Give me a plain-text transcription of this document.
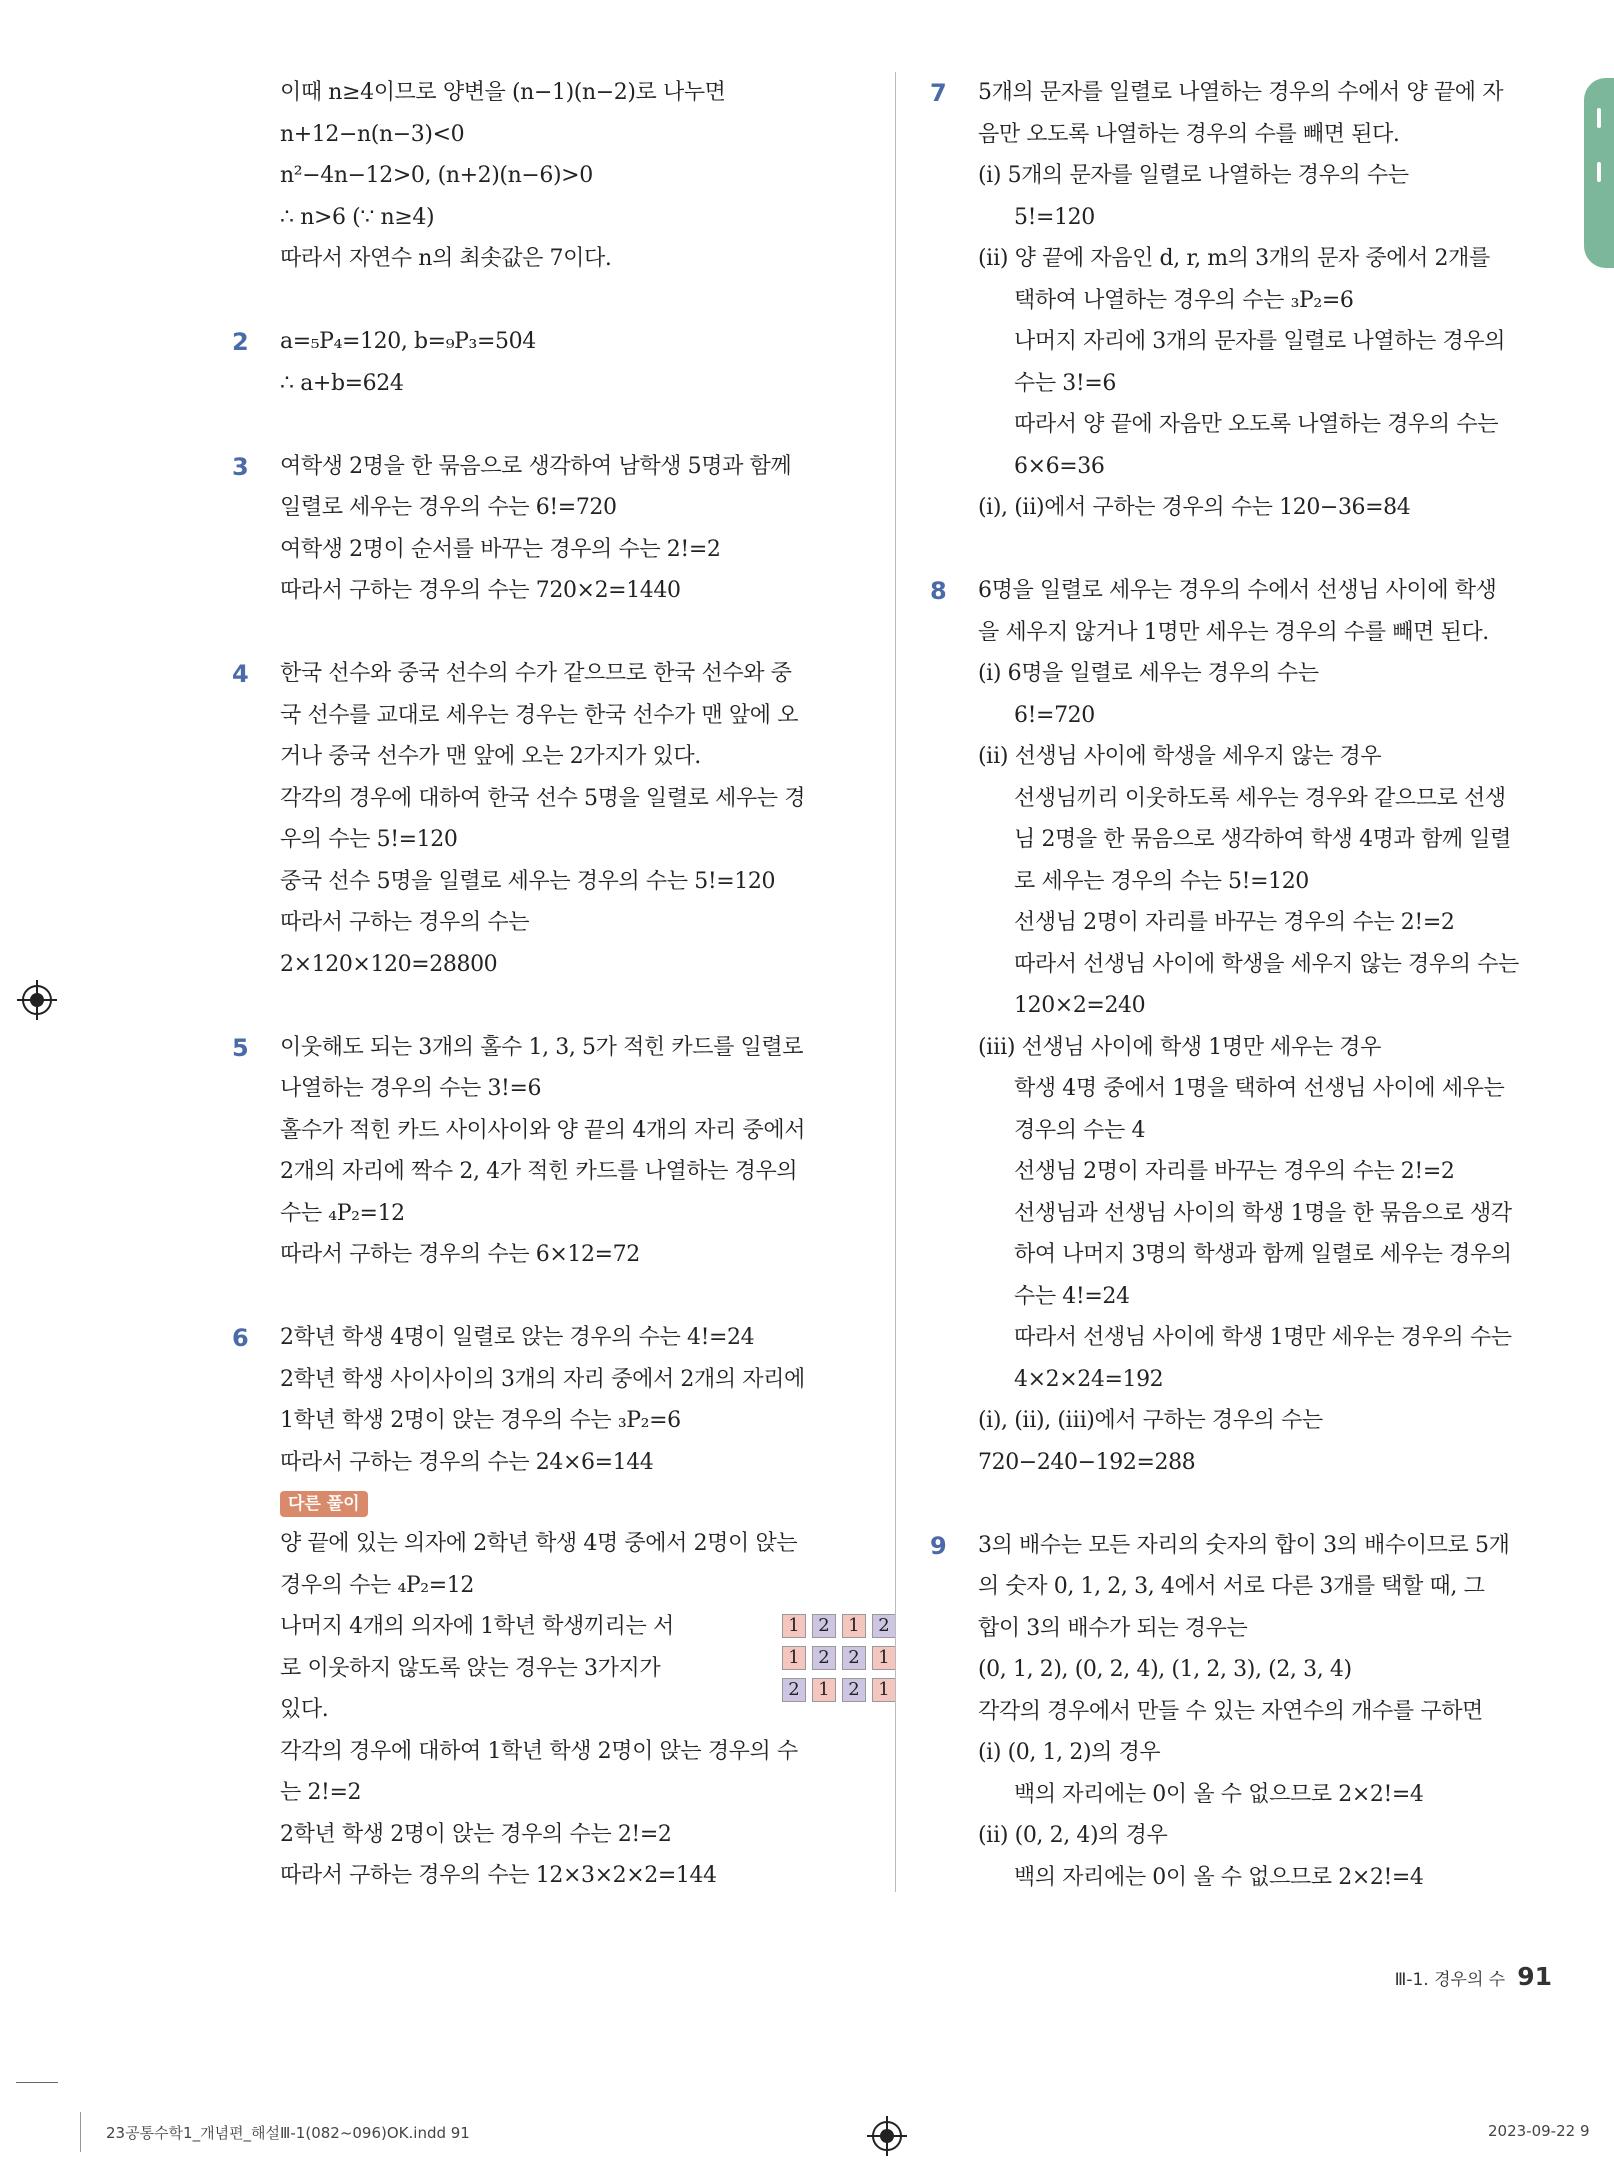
이때 n≥4이므로 양변을 (n−1)(n−2)로 나누면
n+12−n(n−3)<0
n²−4n−12>0, (n+2)(n−6)>0
∴ n>6 (∵ n≥4)
따라서 자연수 n의 최솟값은 7이다.
2 a=₅P₄=120, b=₉P₃=504
∴ a+b=624
3 여학생 2명을 한 묶음으로 생각하여 남학생 5명과 함께
일렬로 세우는 경우의 수는 6!=720
여학생 2명이 순서를 바꾸는 경우의 수는 2!=2
따라서 구하는 경우의 수는 720×2=1440
4 한국 선수와 중국 선수의 수가 같으므로 한국 선수와 중
국 선수를 교대로 세우는 경우는 한국 선수가 맨 앞에 오
거나 중국 선수가 맨 앞에 오는 2가지가 있다.
각각의 경우에 대하여 한국 선수 5명을 일렬로 세우는 경
우의 수는 5!=120
중국 선수 5명을 일렬로 세우는 경우의 수는 5!=120
따라서 구하는 경우의 수는
2×120×120=28800
5 이웃해도 되는 3개의 홀수 1, 3, 5가 적힌 카드를 일렬로
나열하는 경우의 수는 3!=6
홀수가 적힌 카드 사이사이와 양 끝의 4개의 자리 중에서
2개의 자리에 짝수 2, 4가 적힌 카드를 나열하는 경우의
수는 ₄P₂=12
따라서 구하는 경우의 수는 6×12=72
6 2학년 학생 4명이 일렬로 앉는 경우의 수는 4!=24
2학년 학생 사이사이의 3개의 자리 중에서 2개의 자리에
1학년 학생 2명이 앉는 경우의 수는 ₃P₂=6
따라서 구하는 경우의 수는 24×6=144
다른 풀이
양 끝에 있는 의자에 2학년 학생 4명 중에서 2명이 앉는
경우의 수는 ₄P₂=12
나머지 4개의 의자에 1학년 학생끼리는 서
로 이웃하지 않도록 앉는 경우는 3가지가
있다.
1	2	1	2
1	2	2	1
2	1	2	1
각각의 경우에 대하여 1학년 학생 2명이 앉는 경우의 수
는 2!=2
2학년 학생 2명이 앉는 경우의 수는 2!=2
따라서 구하는 경우의 수는 12×3×2×2=144
7 5개의 문자를 일렬로 나열하는 경우의 수에서 양 끝에 자
음만 오도록 나열하는 경우의 수를 빼면 된다.
(ⅰ) 5개의 문자를 일렬로 나열하는 경우의 수는
5!=120
(ⅱ) 양 끝에 자음인 d, r, m의 3개의 문자 중에서 2개를
택하여 나열하는 경우의 수는 ₃P₂=6
나머지 자리에 3개의 문자를 일렬로 나열하는 경우의
수는 3!=6
따라서 양 끝에 자음만 오도록 나열하는 경우의 수는
6×6=36
(ⅰ), (ⅱ)에서 구하는 경우의 수는 120−36=84
8 6명을 일렬로 세우는 경우의 수에서 선생님 사이에 학생
을 세우지 않거나 1명만 세우는 경우의 수를 빼면 된다.
(ⅰ) 6명을 일렬로 세우는 경우의 수는
6!=720
(ⅱ) 선생님 사이에 학생을 세우지 않는 경우
선생님끼리 이웃하도록 세우는 경우와 같으므로 선생
님 2명을 한 묶음으로 생각하여 학생 4명과 함께 일렬
로 세우는 경우의 수는 5!=120
선생님 2명이 자리를 바꾸는 경우의 수는 2!=2
따라서 선생님 사이에 학생을 세우지 않는 경우의 수는
120×2=240
(ⅲ) 선생님 사이에 학생 1명만 세우는 경우
학생 4명 중에서 1명을 택하여 선생님 사이에 세우는
경우의 수는 4
선생님 2명이 자리를 바꾸는 경우의 수는 2!=2
선생님과 선생님 사이의 학생 1명을 한 묶음으로 생각
하여 나머지 3명의 학생과 함께 일렬로 세우는 경우의
수는 4!=24
따라서 선생님 사이에 학생 1명만 세우는 경우의 수는
4×2×24=192
(ⅰ), (ⅱ), (ⅲ)에서 구하는 경우의 수는
720−240−192=288
9 3의 배수는 모든 자리의 숫자의 합이 3의 배수이므로 5개
의 숫자 0, 1, 2, 3, 4에서 서로 다른 3개를 택할 때, 그
합이 3의 배수가 되는 경우는
(0, 1, 2), (0, 2, 4), (1, 2, 3), (2, 3, 4)
각각의 경우에서 만들 수 있는 자연수의 개수를 구하면
(ⅰ) (0, 1, 2)의 경우
백의 자리에는 0이 올 수 없으므로 2×2!=4
(ⅱ) (0, 2, 4)의 경우
백의 자리에는 0이 올 수 없으므로 2×2!=4
Ⅲ-1. 경우의 수 91
23공통수학1_개념편_해설Ⅲ-1(082~096)OK.indd 91	2023-09-22 9
